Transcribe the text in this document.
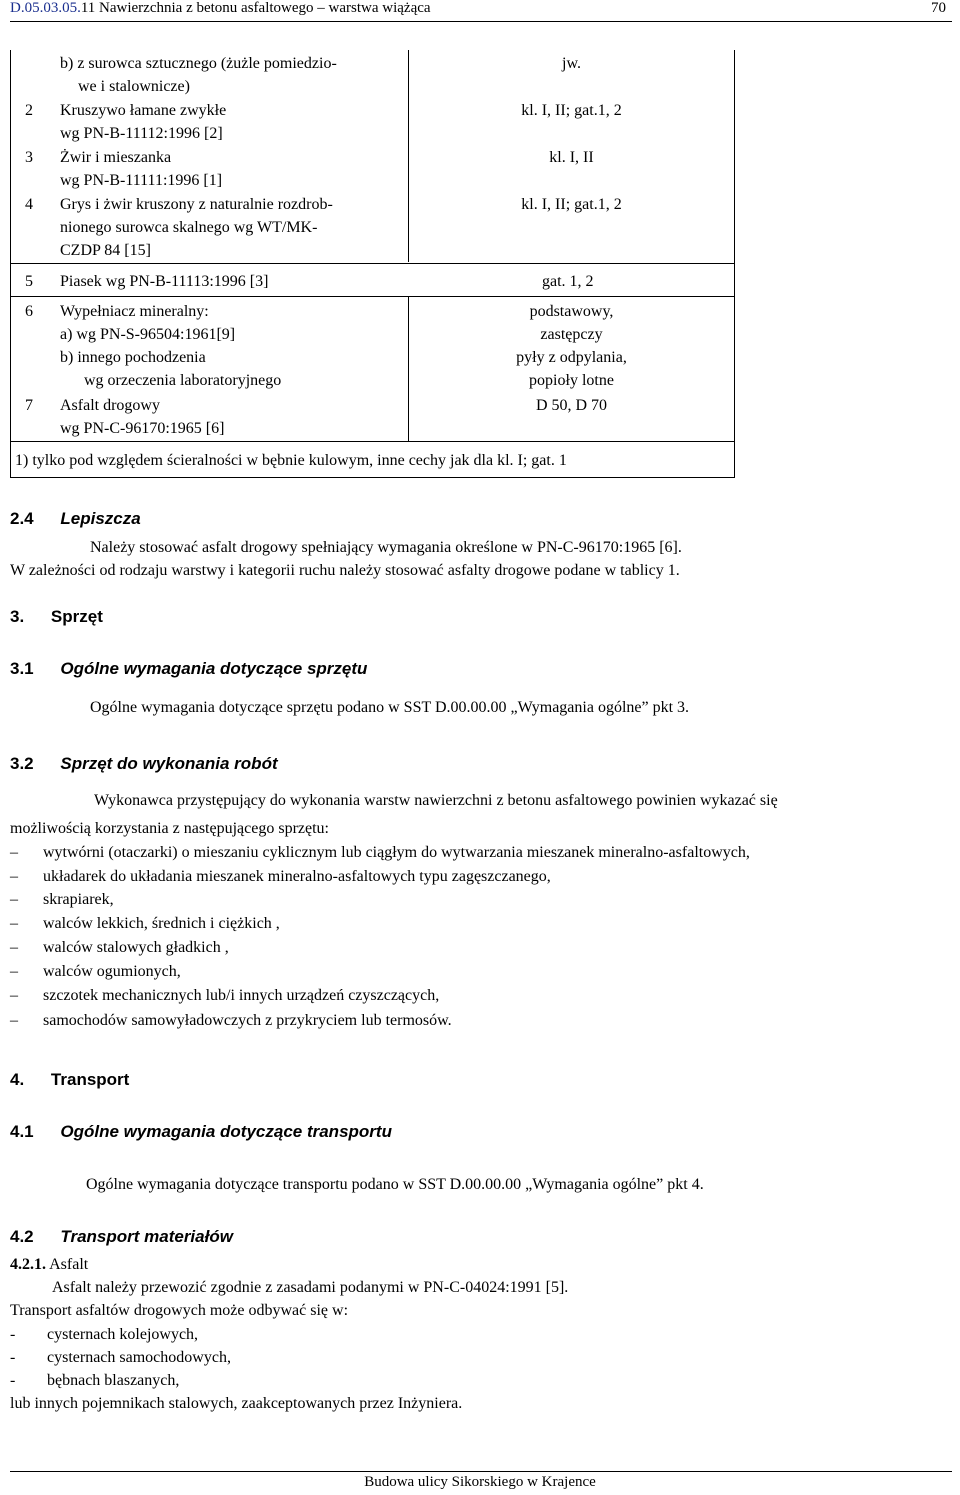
D.05.03.05.11 Nawierzchnia z betonu asfaltowego – warstwa wiążąca	70
b) z surowca sztucznego (żużle pomiedzio-
we i stalownicze)
jw.
2 Kruszywo łamane zwykłe
wg PN-B-11112:1996 [2]
kl. I, II; gat.1, 2
3 Żwir i mieszanka
wg PN-B-11111:1996 [1]
kl. I, II
4 Grys i żwir kruszony z naturalnie rozdrob-
nionego surowca skalnego wg WT/MK-
CZDP 84 [15]
kl. I, II; gat.1, 2
5 Piasek wg PN-B-11113:1996 [3]	gat. 1, 2
6 Wypełniacz mineralny:
a) wg PN-S-96504:1961[9]
b) innego pochodzenia
wg orzeczenia laboratoryjnego
podstawowy,
zastępczy
pyły z odpylania,
popioły lotne
7 Asfalt drogowy
wg PN-C-96170:1965 [6]
D 50, D 70
1) tylko pod względem ścieralności w bębnie kulowym, inne cechy jak dla kl. I; gat. 1
2.4 Lepiszcza
Należy stosować asfalt drogowy spełniający wymagania określone w PN-C-96170:1965 [6].
W zależności od rodzaju warstwy i kategorii ruchu należy stosować asfalty drogowe podane w tablicy 1.
3. Sprzęt
3.1 Ogólne wymagania dotyczące sprzętu
Ogólne wymagania dotyczące sprzętu podano w SST D.00.00.00 „Wymagania ogólne” pkt 3.
3.2 Sprzęt do wykonania robót
Wykonawca przystępujący do wykonania warstw nawierzchni z betonu asfaltowego powinien wykazać się
możliwością korzystania z następującego sprzętu:
– wytwórni (otaczarki) o mieszaniu cyklicznym lub ciągłym do wytwarzania mieszanek mineralno-asfaltowych,
– układarek do układania mieszanek mineralno-asfaltowych typu zagęszczanego,
– skrapiarek,
– walców lekkich, średnich i ciężkich ,
– walców stalowych gładkich ,
– walców ogumionych,
– szczotek mechanicznych lub/i innych urządzeń czyszczących,
– samochodów samowyładowczych z przykryciem lub termosów.
4. Transport
4.1 Ogólne wymagania dotyczące transportu
Ogólne wymagania dotyczące transportu podano w SST D.00.00.00 „Wymagania ogólne” pkt 4.
4.2 Transport materiałów
4.2.1. Asfalt
Asfalt należy przewozić zgodnie z zasadami podanymi w PN-C-04024:1991 [5].
Transport asfaltów drogowych może odbywać się w:
- cysternach kolejowych,
- cysternach samochodowych,
- bębnach blaszanych,
lub innych pojemnikach stalowych, zaakceptowanych przez Inżyniera.
Budowa ulicy Sikorskiego w Krajence
